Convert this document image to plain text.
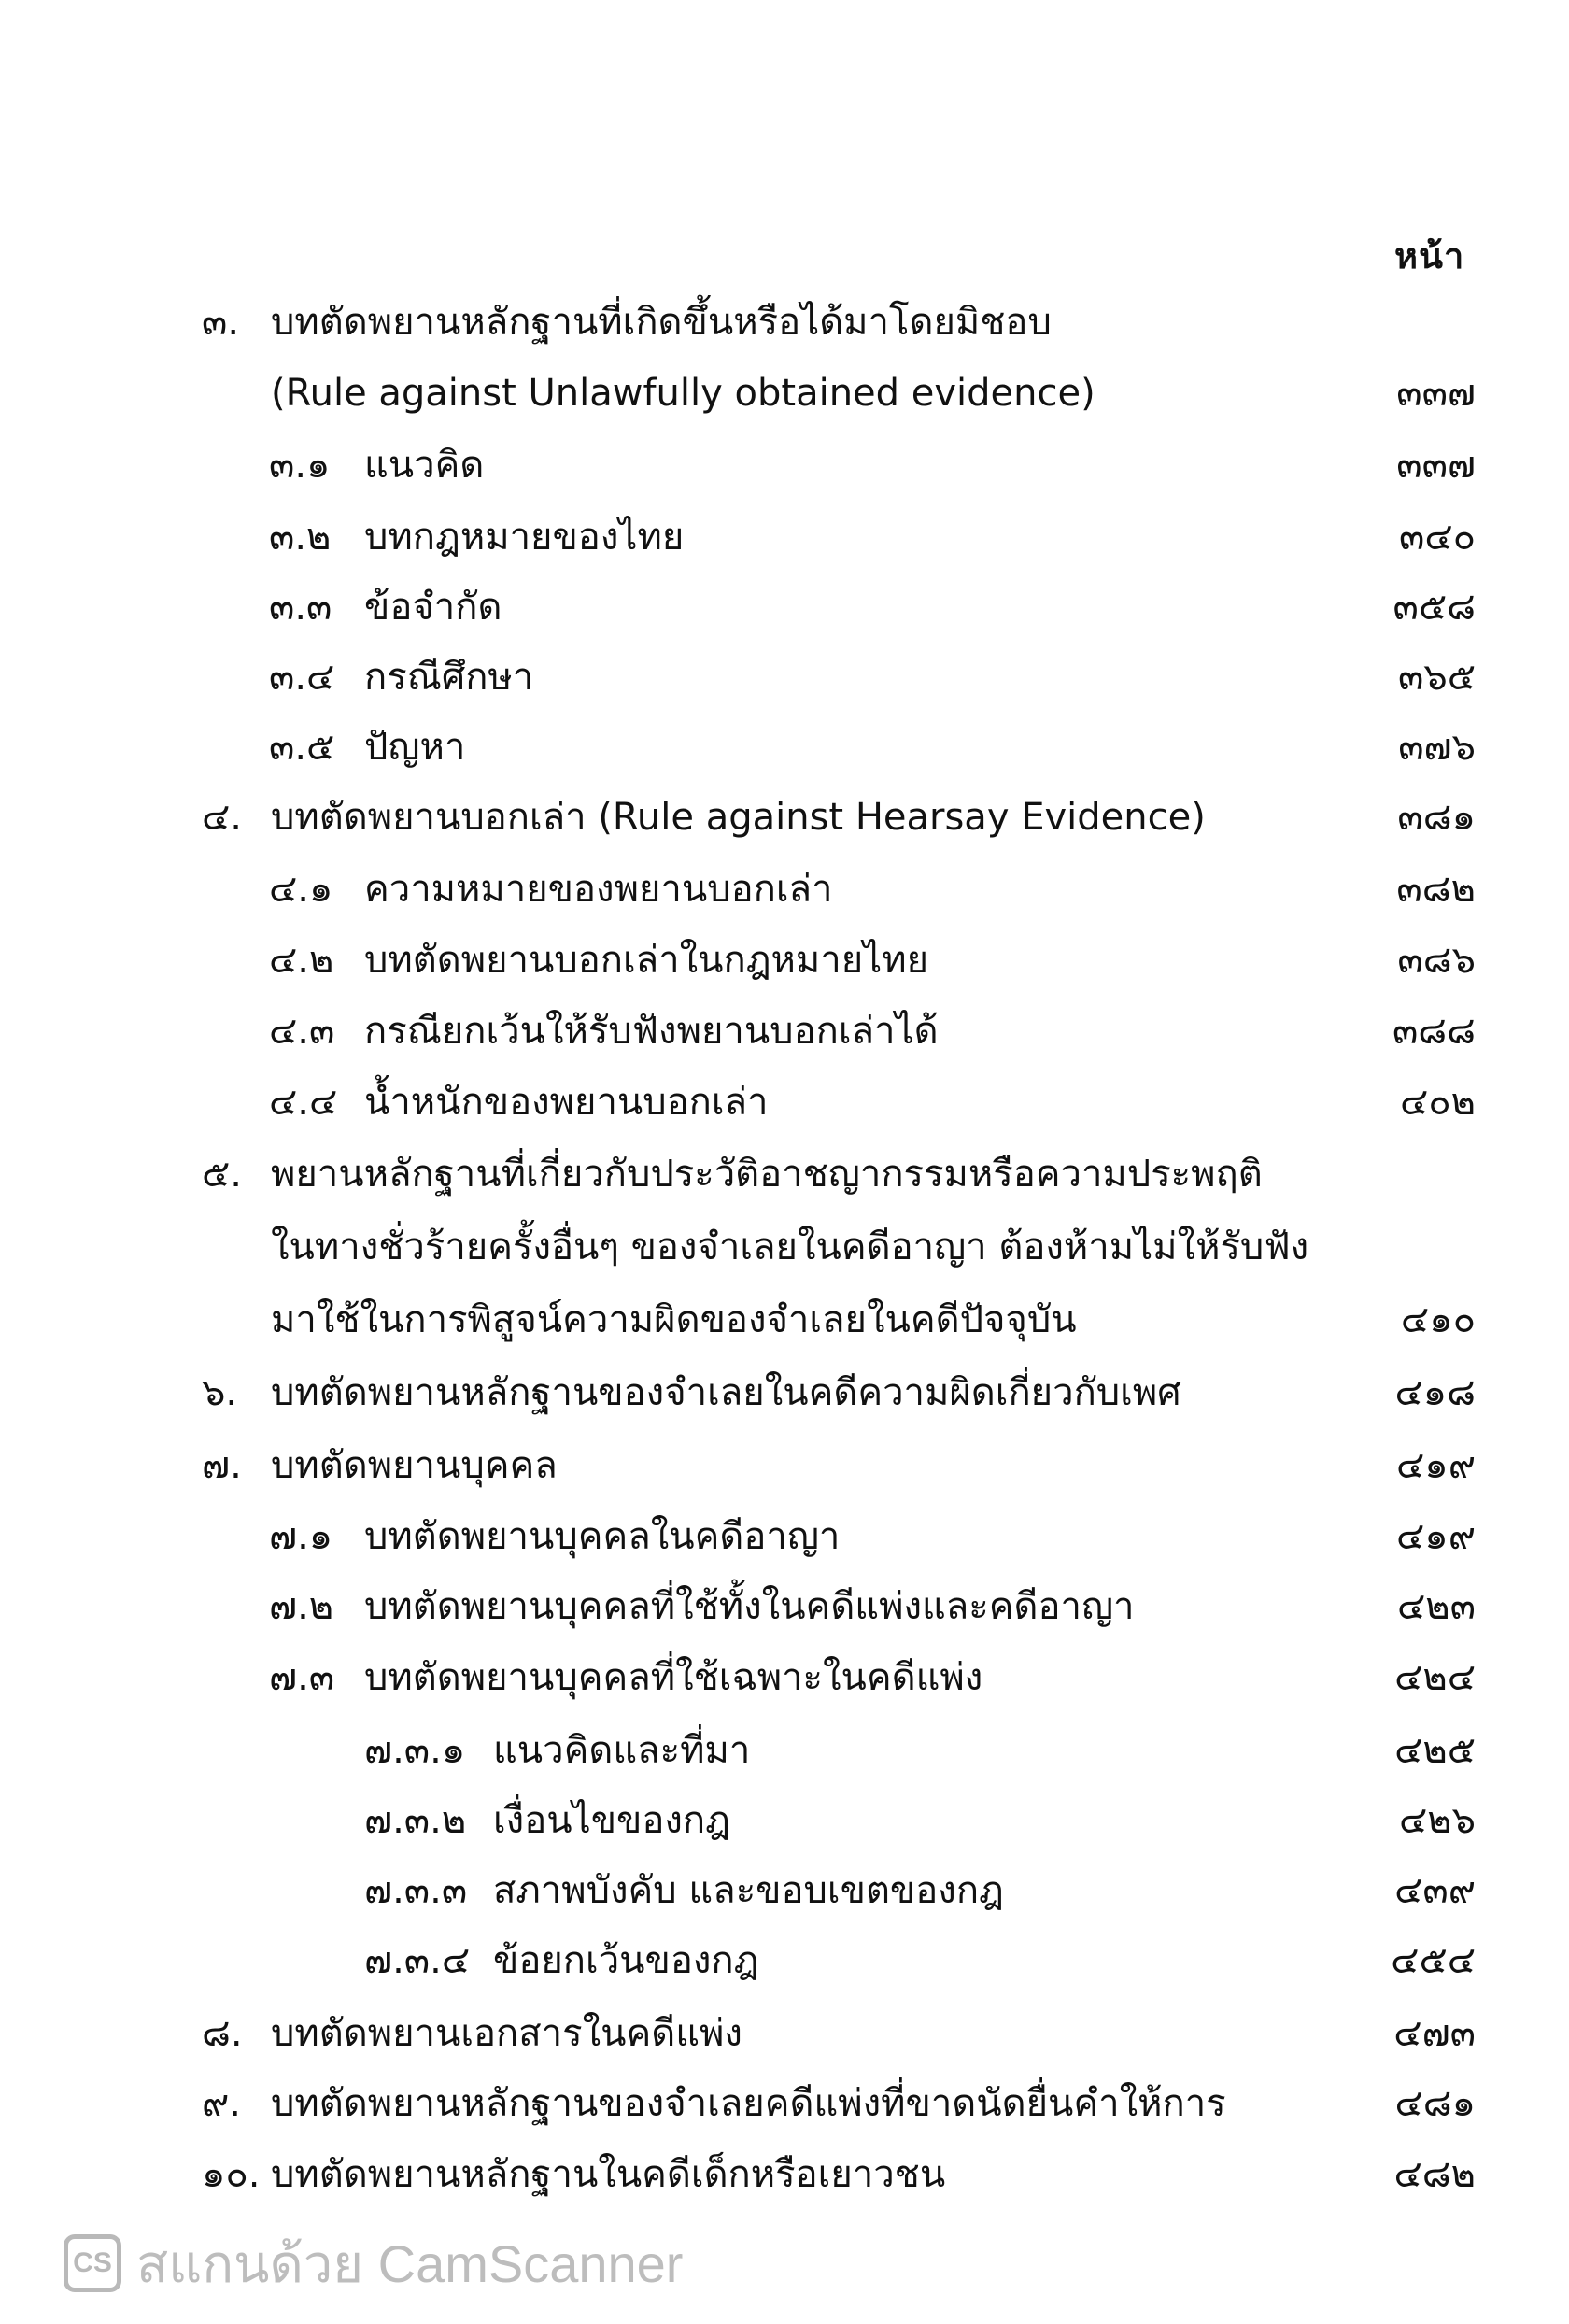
หน้า
๓. บทตัดพยานหลักฐานที่เกิดขึ้นหรือได้มาโดยมิชอบ
(Rule against Unlawfully obtained evidence)	๓๓๗
๓.๑ แนวคิด	๓๓๗
๓.๒ บทกฎหมายของไทย	๓๔๐
๓.๓ ข้อจำกัด	๓๕๘
๓.๔ กรณีศึกษา	๓๖๕
๓.๕ ปัญหา	๓๗๖
๔. บทตัดพยานบอกเล่า (Rule against Hearsay Evidence)	๓๘๑
๔.๑ ความหมายของพยานบอกเล่า	๓๘๒
๔.๒ บทตัดพยานบอกเล่าในกฎหมายไทย	๓๘๖
๔.๓ กรณียกเว้นให้รับฟังพยานบอกเล่าได้	๓๘๘
๔.๔ น้ำหนักของพยานบอกเล่า	๔๐๒
๕. พยานหลักฐานที่เกี่ยวกับประวัติอาชญากรรมหรือความประพฤติ
ในทางชั่วร้ายครั้งอื่นๆ ของจำเลยในคดีอาญา ต้องห้ามไม่ให้รับฟัง
มาใช้ในการพิสูจน์ความผิดของจำเลยในคดีปัจจุบัน	๔๑๐
๖. บทตัดพยานหลักฐานของจำเลยในคดีความผิดเกี่ยวกับเพศ	๔๑๘
๗. บทตัดพยานบุคคล	๔๑๙
๗.๑ บทตัดพยานบุคคลในคดีอาญา	๔๑๙
๗.๒ บทตัดพยานบุคคลที่ใช้ทั้งในคดีแพ่งและคดีอาญา	๔๒๓
๗.๓ บทตัดพยานบุคคลที่ใช้เฉพาะในคดีแพ่ง	๔๒๔
๗.๓.๑ แนวคิดและที่มา	๔๒๕
๗.๓.๒ เงื่อนไขของกฎ	๔๒๖
๗.๓.๓ สภาพบังคับ และขอบเขตของกฎ	๔๓๙
๗.๓.๔ ข้อยกเว้นของกฎ	๔๕๔
๘. บทตัดพยานเอกสารในคดีแพ่ง	๔๗๓
๙. บทตัดพยานหลักฐานของจำเลยคดีแพ่งที่ขาดนัดยื่นคำให้การ	๔๘๑
๑๐. บทตัดพยานหลักฐานในคดีเด็กหรือเยาวชน	๔๘๒
CS สแกนด้วย CamScanner
